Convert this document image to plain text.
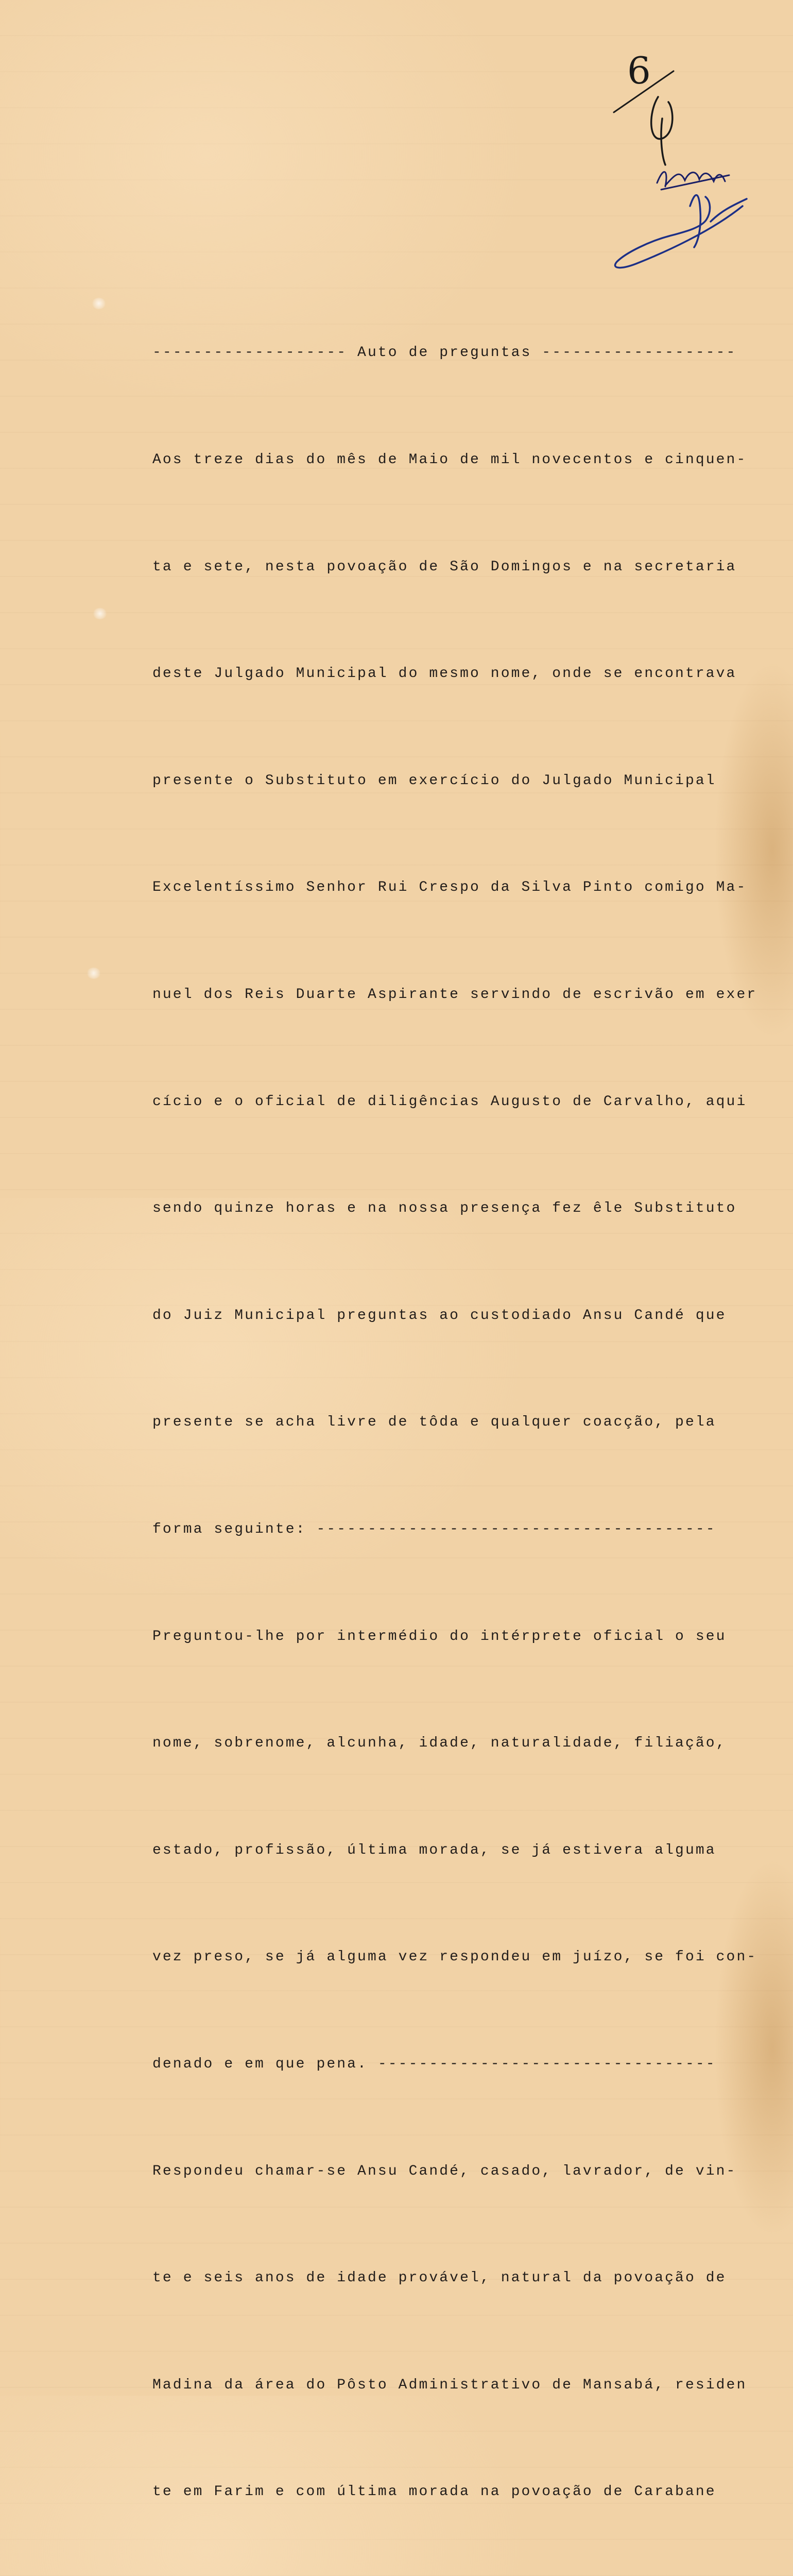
6

------------------- Auto de preguntas -------------------

Aos treze dias do mês de Maio de mil novecentos e cinquen-

ta e sete, nesta povoação de São Domingos e na secretaria

deste Julgado Municipal do mesmo nome, onde se encontrava

presente o Substituto em exercício do Julgado Municipal

Excelentíssimo Senhor Rui Crespo da Silva Pinto comigo Ma-

nuel dos Reis Duarte Aspirante servindo de escrivão em exer

cício e o oficial de diligências Augusto de Carvalho, aqui

sendo quinze horas e na nossa presença fez êle Substituto

do Juiz Municipal preguntas ao custodiado Ansu Candé que

presente se acha livre de tôda e qualquer coacção, pela

forma seguinte: ---------------------------------------

Preguntou-lhe por intermédio do intérprete oficial o seu

nome, sobrenome, alcunha, idade, naturalidade, filiação,

estado, profissão, última morada, se já estivera alguma

vez preso, se já alguma vez respondeu em juízo, se foi con-

denado e em que pena. ---------------------------------

Respondeu chamar-se Ansu Candé, casado, lavrador, de vin-

te e seis anos de idade provável, natural da povoação de

Madina da área do Pôsto Administrativo de Mansabá, residen

te em Farim e com última morada na povoação de Carabane
